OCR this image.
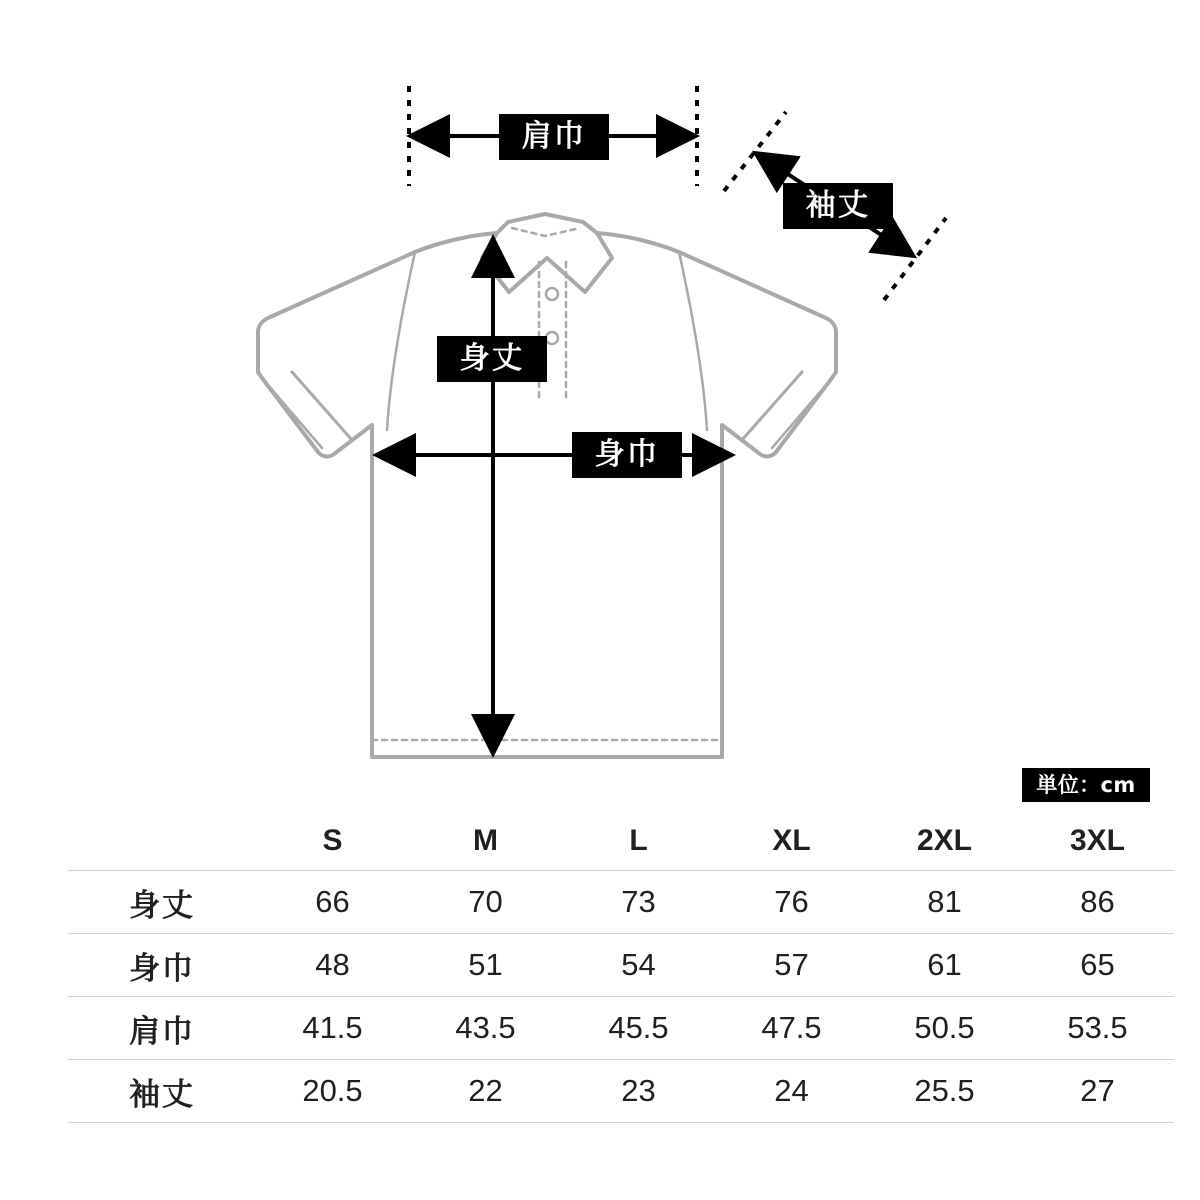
肩巾
袖丈
身丈
身巾
単位：cm
	S	M	L	XL	2XL	3XL
身丈	66	70	73	76	81	86
身巾	48	51	54	57	61	65
肩巾	41.5	43.5	45.5	47.5	50.5	53.5
袖丈	20.5	22	23	24	25.5	27
